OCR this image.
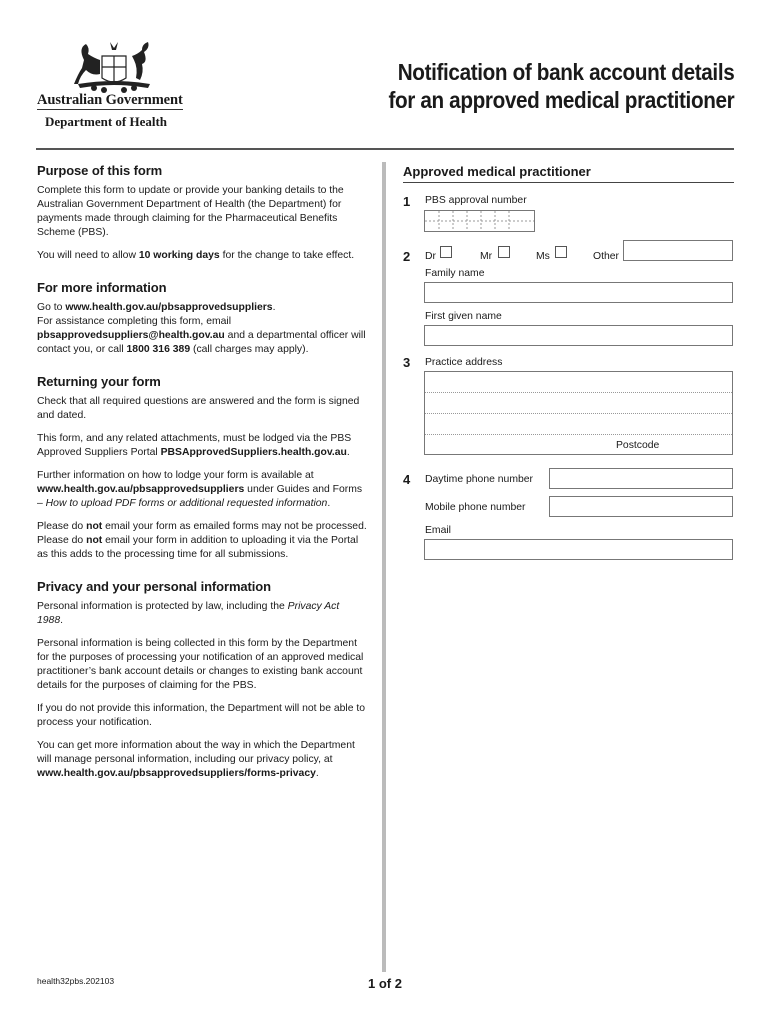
Australian Government
Department of Health
Notification of bank account details
for an approved medical practitioner
Purpose of this form

Complete this form to update or provide your banking details to the Australian Government Department of Health (the Department) for payments made through claiming for the Pharmaceutical Benefits Scheme (PBS).

You will need to allow 10 working days for the change to take effect.

For more information

Go to www.health.gov.au/pbsapprovedsuppliers.
For assistance completing this form, email
pbsapprovedsuppliers@health.gov.au and a departmental officer will contact you, or call 1800 316 389 (call charges may apply).

Returning your form

Check that all required questions are answered and the form is signed and dated.

This form, and any related attachments, must be lodged via the PBS Approved Suppliers Portal PBSApprovedSuppliers.health.gov.au.

Further information on how to lodge your form is available at www.health.gov.au/pbsapprovedsuppliers under Guides and Forms – How to upload PDF forms or additional requested information.

Please do not email your form as emailed forms may not be processed. Please do not email your form in addition to uploading it via the Portal as this adds to the processing time for all submissions.

Privacy and your personal information

Personal information is protected by law, including the Privacy Act 1988.

Personal information is being collected in this form by the Department for the purposes of processing your notification of an approved medical practitioner’s bank account details or changes to existing bank account details for the purposes of claiming for the PBS.

If you do not provide this information, the Department will not be able to process your notification.

You can get more information about the way in which the Department will manage personal information, including our privacy policy, at www.health.gov.au/pbsapprovedsuppliers/forms-privacy.

Approved medical practitioner
1 PBS approval number
2 Dr	Mr	Ms	Other
Family name
First given name
3 Practice address
Postcode
4 Daytime phone number
Mobile phone number
Email
health32pbs.202103	1 of 2
